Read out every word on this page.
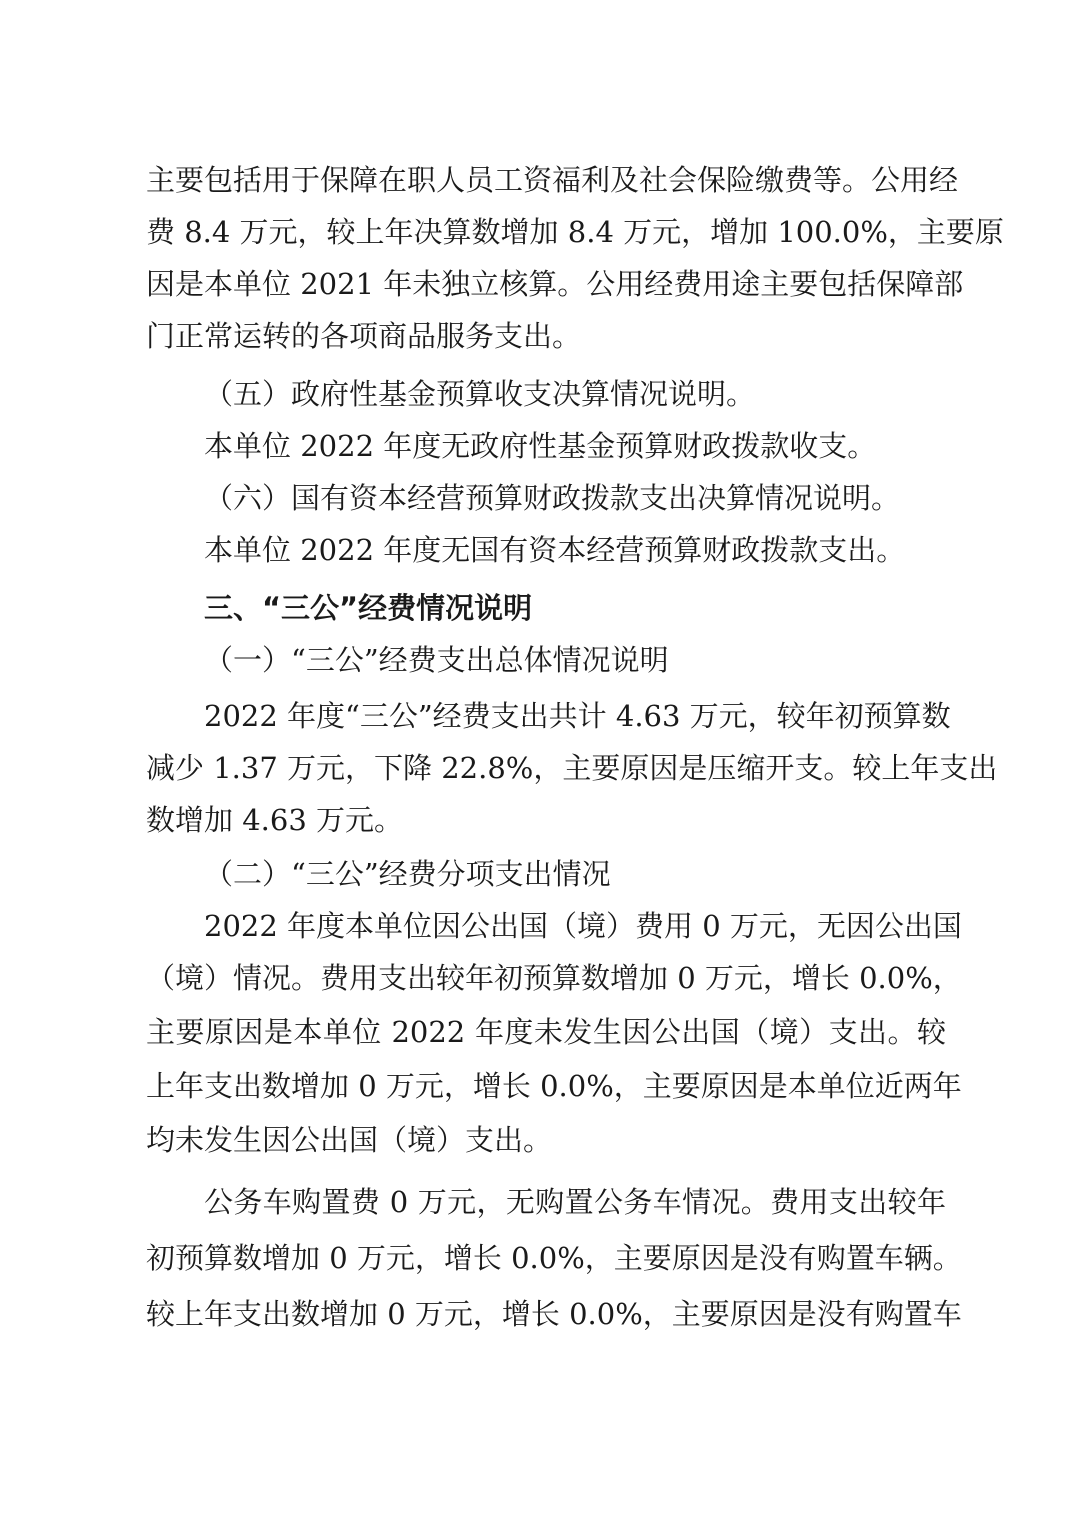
主要包括用于保障在职人员工资福利及社会保险缴费等。公用经
费 8.4 万元，较上年决算数增加 8.4 万元，增加 100.0%，主要原
因是本单位 2021 年未独立核算。公用经费用途主要包括保障部
门正常运转的各项商品服务支出。
（五）政府性基金预算收支决算情况说明。
本单位 2022 年度无政府性基金预算财政拨款收支。
（六）国有资本经营预算财政拨款支出决算情况说明。
本单位 2022 年度无国有资本经营预算财政拨款支出。
三、“三公”经费情况说明
（一）“三公”经费支出总体情况说明
2022 年度“三公”经费支出共计 4.63 万元，较年初预算数
减少 1.37 万元，下降 22.8%，主要原因是压缩开支。较上年支出
数增加 4.63 万元。
（二）“三公”经费分项支出情况
2022 年度本单位因公出国（境）费用 0 万元，无因公出国
（境）情况。费用支出较年初预算数增加 0 万元，增长 0.0%，
主要原因是本单位 2022 年度未发生因公出国（境）支出。较
上年支出数增加 0 万元，增长 0.0%，主要原因是本单位近两年
均未发生因公出国（境）支出。
公务车购置费 0 万元，无购置公务车情况。费用支出较年
初预算数增加 0 万元，增长 0.0%，主要原因是没有购置车辆。
较上年支出数增加 0 万元，增长 0.0%，主要原因是没有购置车
